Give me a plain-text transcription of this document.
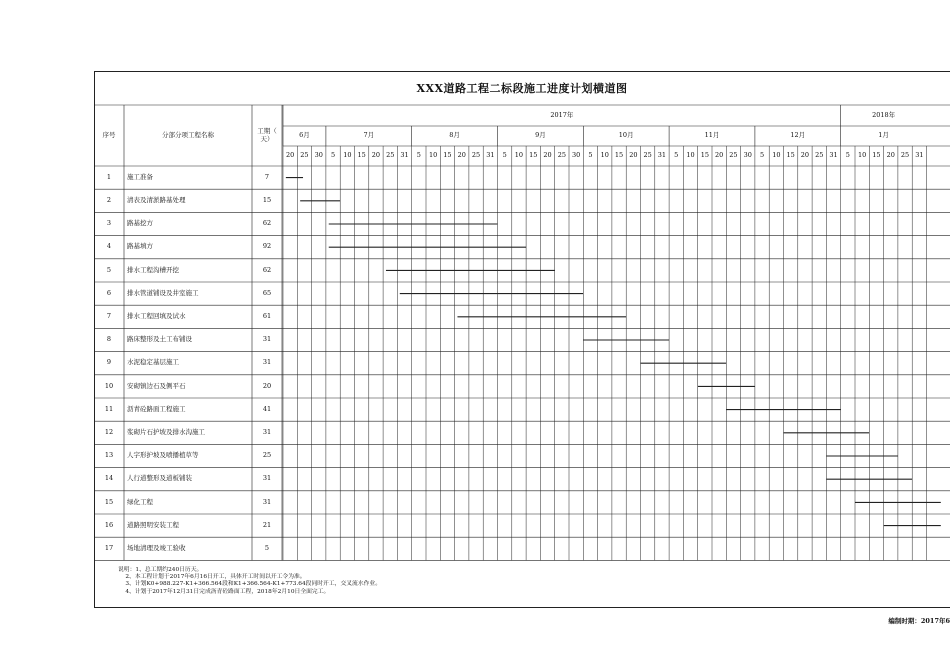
XXX道路工程二标段施工进度计划横道图
序号	分部分项工程名称	工期（
天）
20 25 30	5	10 15 20 25 31	5	10 15 20 25 31	5	10 15 20 25 30	5	10 15 20 25 31	5	10 15 20 25 30	5	10 15 20 25 31	5	10 15 20 25 31
6月	7月	8月	9月	10月	11月	12月	1月
2017年	2018年
1	施工准备	7
2	清表及清淤路基处理	15
3	路基挖方	62
4	路基填方	92
5	排水工程沟槽开挖	62
6	排水管道铺设及井室施工	65
7	排水工程回填及试水	61
8	路床整形及土工布铺设	31
9	水泥稳定基层施工	31
10	安砌镇边石及侧平石	20
11	沥青砼路面工程施工	41
12	浆砌片石护坡及排水沟施工	31
13	人字形护坡及喷播植草等	25
14	人行道整形及道板铺装	31
15	绿化工程	31
16	道路照明安装工程	21
17	场地清理及竣工验收	5
说明：1、总工期约240日历天。
2、本工程计划于2017年6月16日开工，具体开工时间以开工令为准。
3、计划K0+988.227-K1+366.564段和K1+366.564-K1+773.64段同时开工，交叉流水作业。
4、计划于2017年12月31日完成沥青砼路面工程，2018年2月10日全面完工。
编制时期：2017年6
